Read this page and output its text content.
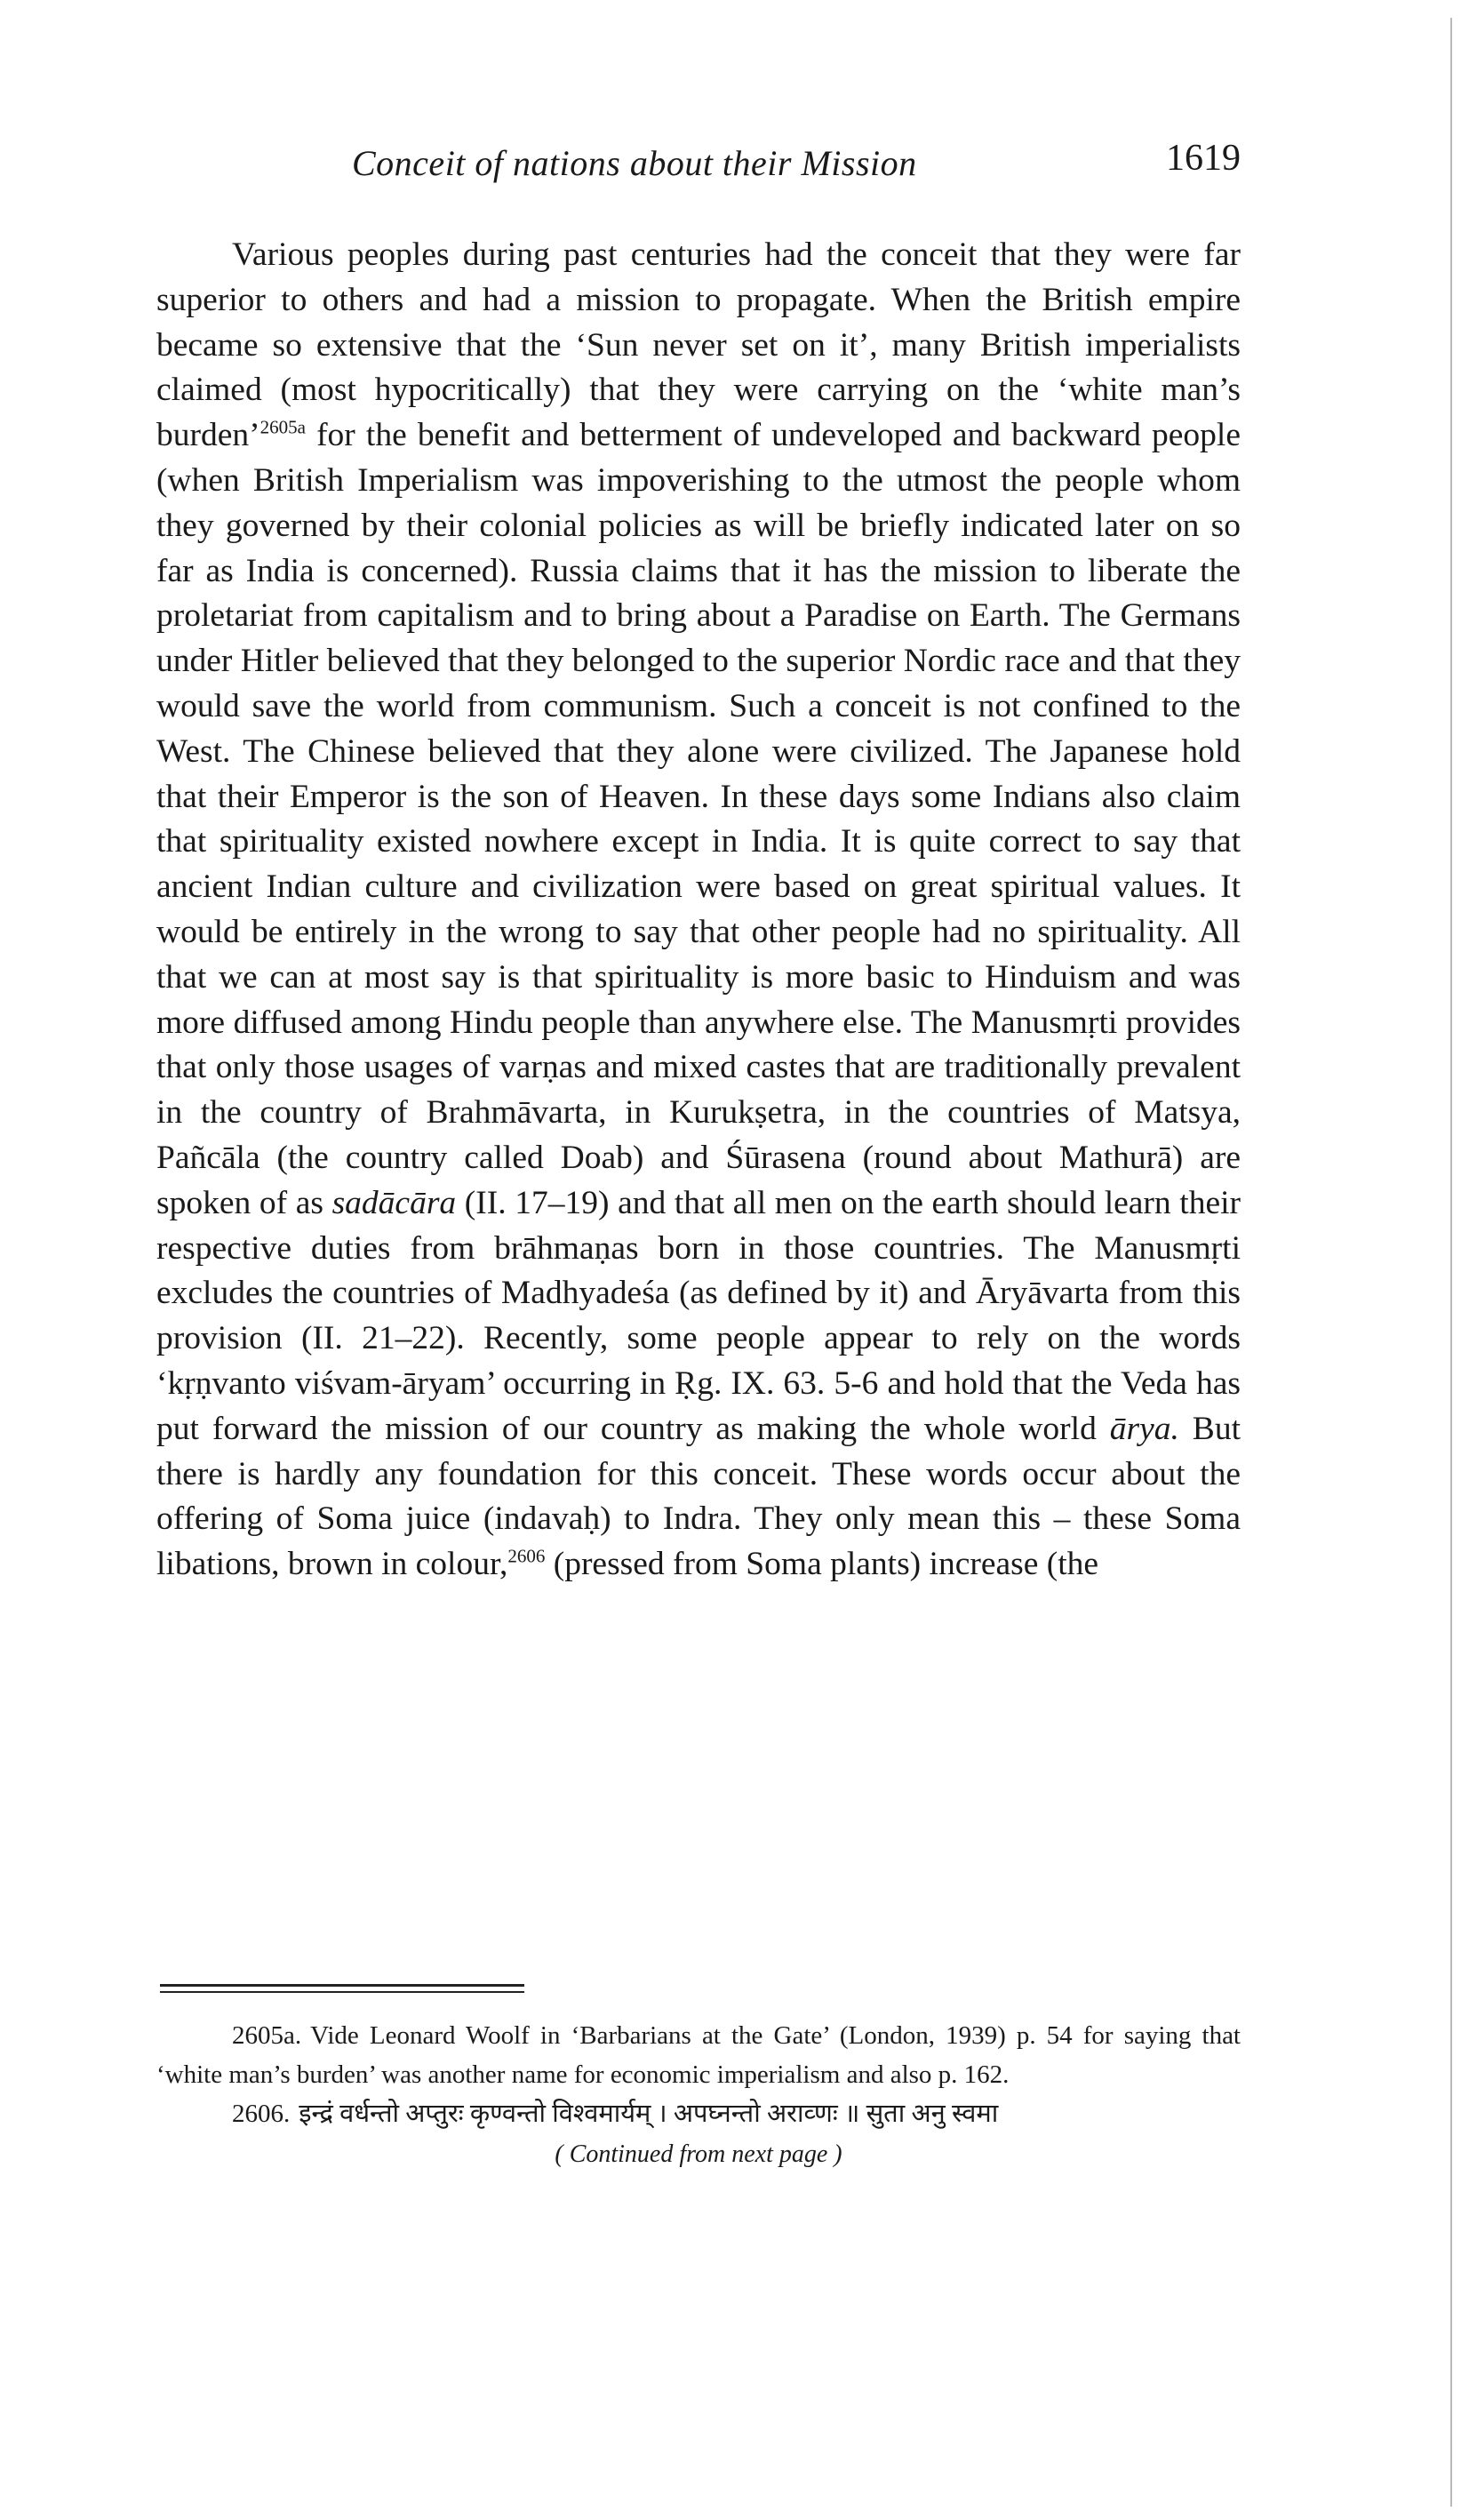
Conceit of nations about their Mission	1619

Various peoples during past centuries had the conceit that they were far superior to others and had a mission to propagate. When the British empire became so extensive that the ‘Sun never set on it’, many British imperialists claimed (most hypocritically) that they were carrying on the ‘white man’s burden’$^{2605a}$ for the benefit and betterment of undeveloped and backward people (when British Imperialism was impoverishing to the utmost the people whom they governed by their colonial policies as will be briefly indicated later on so far as India is concerned). Russia claims that it has the mission to liberate the proletariat from capitalism and to bring about a Paradise on Earth. The Germans under Hitler believed that they belonged to the superior Nordic race and that they would save the world from communism. Such a conceit is not confined to the West. The Chinese believed that they alone were civilized. The Japanese hold that their Emperor is the son of Heaven. In these days some Indians also claim that spirituality existed nowhere except in India. It is quite correct to say that ancient Indian culture and civilization were based on great spiritual values. It would be entirely in the wrong to say that other people had no spirituality. All that we can at most say is that spirituality is more basic to Hinduism and was more diffused among Hindu people than anywhere else. The Manusmṛti provides that only those usages of varṇas and mixed castes that are traditionally prevalent in the country of Brahmāvarta, in Kurukṣetra, in the countries of Matsya, Pañcāla (the country called Doab) and Śūrasena (round about Mathurā) are spoken of as sadācāra (II. 17–19) and that all men on the earth should learn their respective duties from brāhmaṇas born in those countries. The Manusmṛti excludes the countries of Madhyadeśa (as defined by it) and Āryāvarta from this provision (II. 21–22). Recently, some people appear to rely on the words ‘kṛṇvanto viśvam-āryam’ occurring in Ṛg. IX. 63. 5-6 and hold that the Veda has put forward the mission of our country as making the whole world ārya. But there is hardly any foundation for this conceit. These words occur about the offering of Soma juice (indavaḥ) to Indra. They only mean this – these Soma libations, brown in colour,$^{2606}$ (pressed from Soma plants) increase (the

2605a. Vide Leonard Woolf in ‘Barbarians at the Gate’ (London, 1939) p. 54 for saying that ‘white man’s burden’ was another name for economic imperialism and also p. 162.

2606. इन्द्रं वर्धन्तो अप्तुरः कृण्वन्तो विश्वमार्यम् । अपघ्नन्तो अराव्णः ॥ सुता अनु स्वमा

( Continued from next page )
